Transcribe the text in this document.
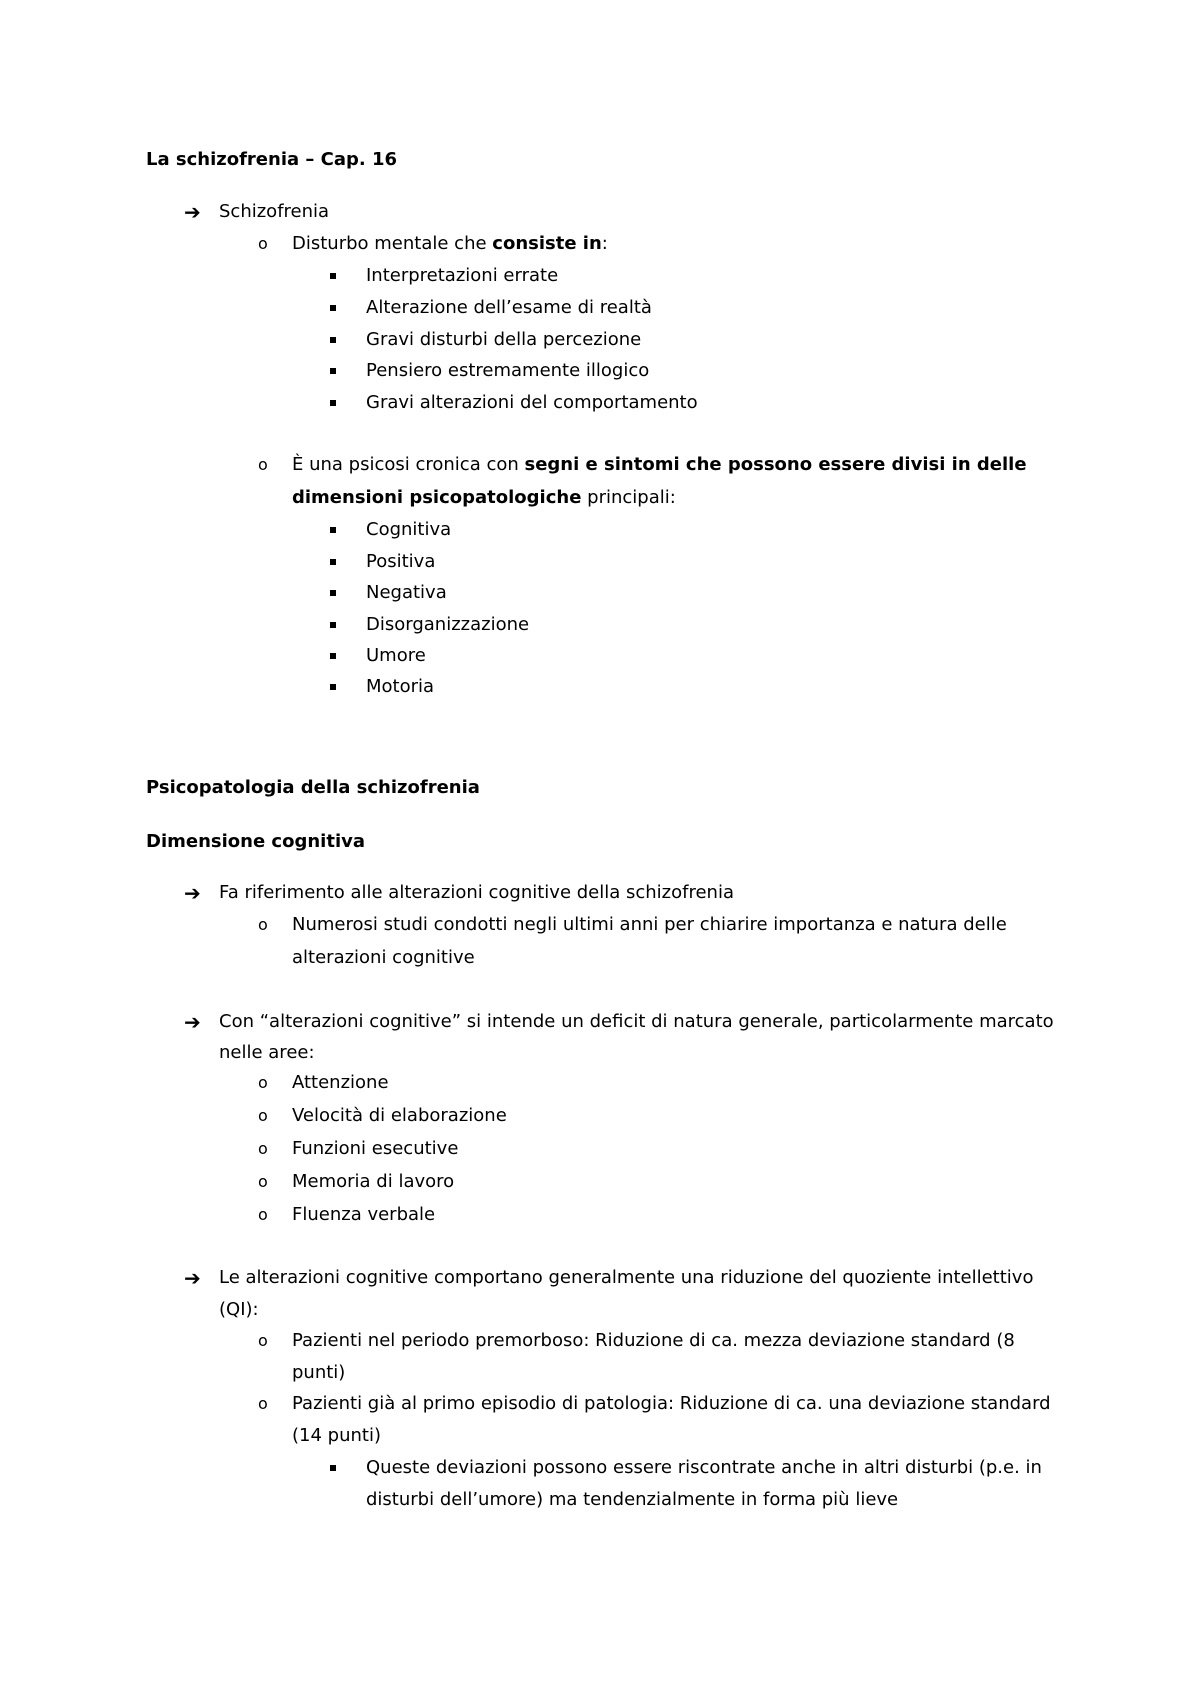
La schizofrenia – Cap. 16
➔ Schizofrenia
o Disturbo mentale che consiste in:
Interpretazioni errate
Alterazione dell’esame di realtà
Gravi disturbi della percezione
Pensiero estremamente illogico
Gravi alterazioni del comportamento
o È una psicosi cronica con segni e sintomi che possono essere divisi in delle
dimensioni psicopatologiche principali:
Cognitiva
Positiva
Negativa
Disorganizzazione
Umore
Motoria
Psicopatologia della schizofrenia
Dimensione cognitiva
➔ Fa riferimento alle alterazioni cognitive della schizofrenia
o Numerosi studi condotti negli ultimi anni per chiarire importanza e natura delle
alterazioni cognitive
➔ Con “alterazioni cognitive” si intende un deficit di natura generale, particolarmente marcato
nelle aree:
o Attenzione
o Velocità di elaborazione
o Funzioni esecutive
o Memoria di lavoro
o Fluenza verbale
➔ Le alterazioni cognitive comportano generalmente una riduzione del quoziente intellettivo
(QI):
o Pazienti nel periodo premorboso: Riduzione di ca. mezza deviazione standard (8
punti)
o Pazienti già al primo episodio di patologia: Riduzione di ca. una deviazione standard
(14 punti)
Queste deviazioni possono essere riscontrate anche in altri disturbi (p.e. in
disturbi dell’umore) ma tendenzialmente in forma più lieve
